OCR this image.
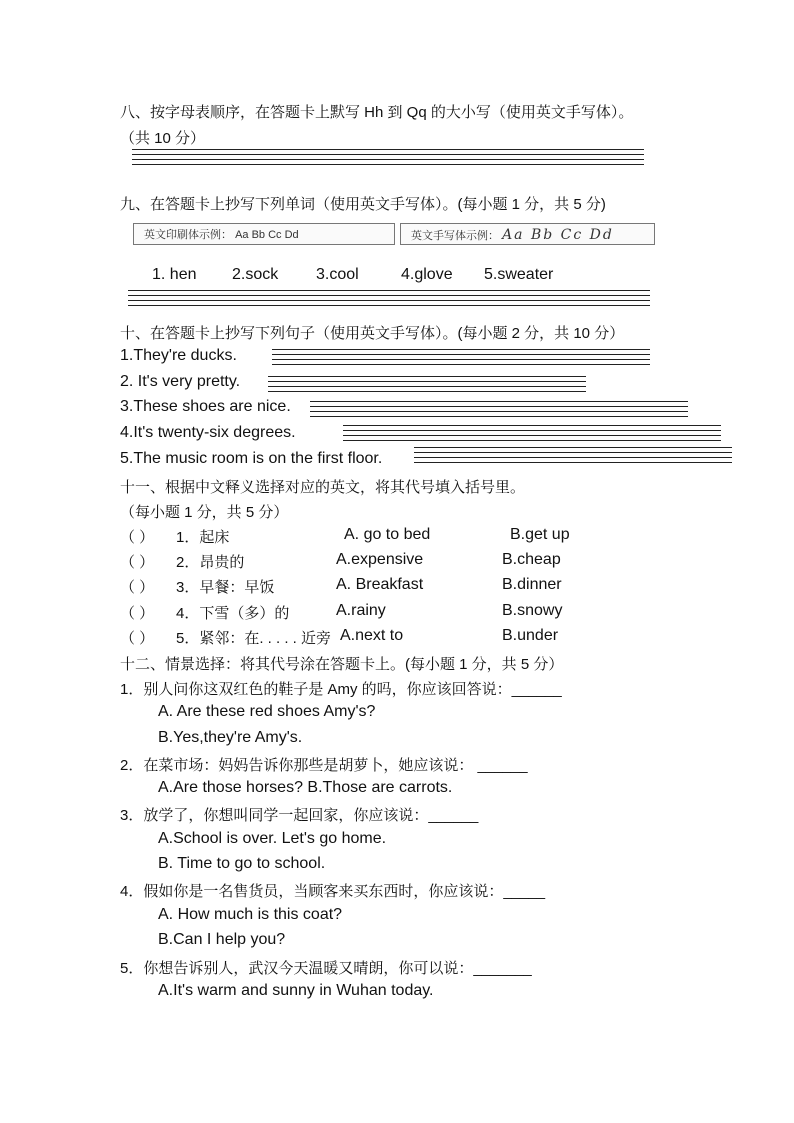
八、按字母表顺序，在答题卡上默写 Hh 到 Qq 的大小写（使用英文手写体）。
（共 10 分）
九、在答题卡上抄写下列单词（使用英文手写体）。(每小题 1 分，共 5 分)
英文印刷体示例： Aa Bb Cc Dd	英文手写体示例： Aa Bb Cc Dd
1. hen 2.sock 3.cool	4.glove 5.sweater
十、在答题卡上抄写下列句子（使用英文手写体）。(每小题 2 分，共 10 分）
1.They're ducks.
2. It's very pretty.
3.These shoes are nice.
4.It's twenty-six degrees.
5.The music room is on the first floor.
十一、根据中文释义选择对应的英文，将其代号填入括号里。
（每小题 1 分，共 5 分）
（ ） 1．起床	A. go to bed	B.get up
（ ） 2．昂贵的	A.expensive	B.cheap
（ ） 3．早餐：早饭	A. Breakfast	B.dinner
（ ） 4．下雪（多）的	A.rainy	B.snowy
（ ） 5．紧邻：在. . . . . 近旁 A.next to	B.under
十二、情景选择：将其代号涂在答题卡上。(每小题 1 分，共 5 分）
1．别人问你这双红色的鞋子是 Amy 的吗，你应该回答说：______
A. Are these red shoes Amy's?
B.Yes,they're Amy's.
2．在菜市场：妈妈告诉你那些是胡萝卜，她应该说： ______
A.Are those horses? B.Those are carrots.
3．放学了，你想叫同学一起回家，你应该说：______
A.School is over. Let's go home.
B. Time to go to school.
4．假如你是一名售货员，当顾客来买东西时，你应该说：_____
A. How much is this coat?
B.Can I help you?
5．你想告诉别人，武汉今天温暖又晴朗，你可以说：_______
A.It's warm and sunny in Wuhan today.
